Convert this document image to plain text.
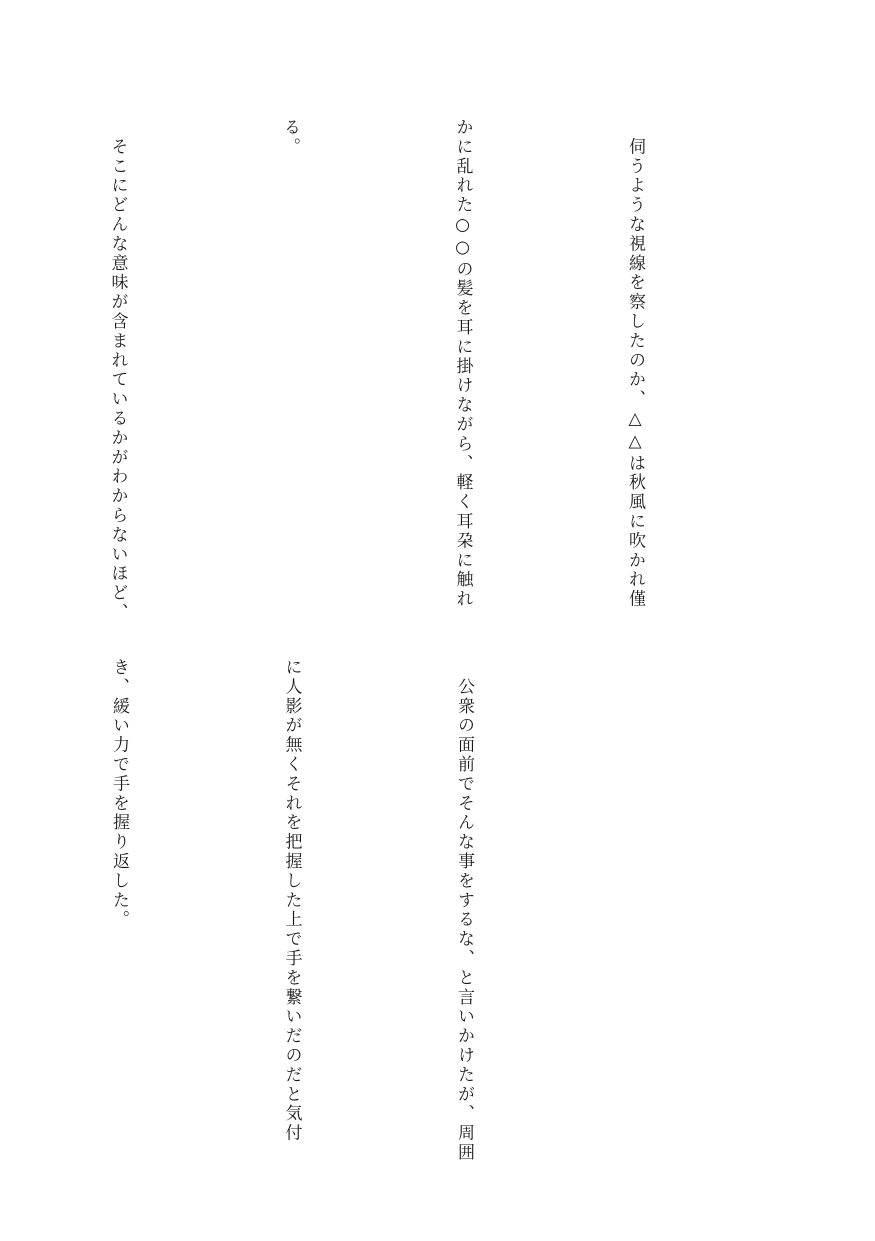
　伺うような視線を察したのか、△△は秋風に吹かれ僅

かに乱れた○○の髪を耳に掛けながら、軽く耳朶に触れ

る。

　そこにどんな意味が含まれているかがわからないほど、

　公衆の面前でそんな事をするな、と言いかけたが、周囲

に人影が無くそれを把握した上で手を繋いだのだと気付

き、緩い力で手を握り返した。
